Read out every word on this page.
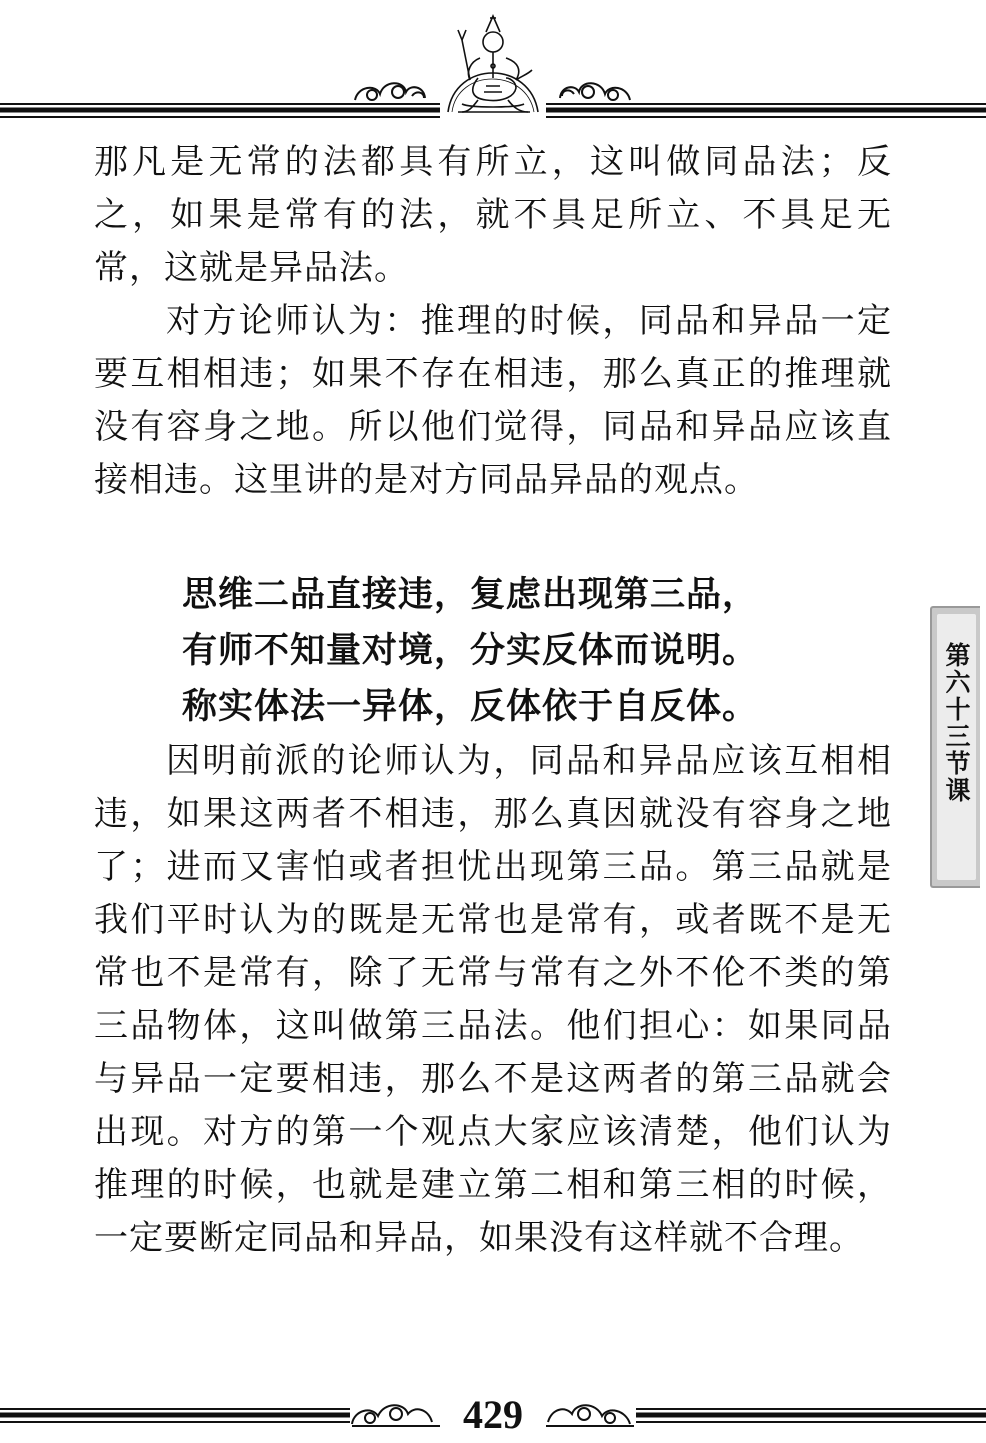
那凡是无常的法都具有所立，这叫做同品法；反之，如果是常有的法，就不具足所立、不具足无常，这就是异品法。

对方论师认为：推理的时候，同品和异品一定要互相相违；如果不存在相违，那么真正的推理就没有容身之地。所以他们觉得，同品和异品应该直接相违。这里讲的是对方同品异品的观点。

思维二品直接违，复虑出现第三品，
有师不知量对境，分实反体而说明。
称实体法一异体，反体依于自反体。

因明前派的论师认为，同品和异品应该互相相违，如果这两者不相违，那么真因就没有容身之地了；进而又害怕或者担忧出现第三品。第三品就是我们平时认为的既是无常也是常有，或者既不是无常也不是常有，除了无常与常有之外不伦不类的第三品物体，这叫做第三品法。他们担心：如果同品与异品一定要相违，那么不是这两者的第三品就会出现。对方的第一个观点大家应该清楚，他们认为推理的时候，也就是建立第二相和第三相的时候，一定要断定同品和异品，如果没有这样就不合理。

第六十三节课
429
